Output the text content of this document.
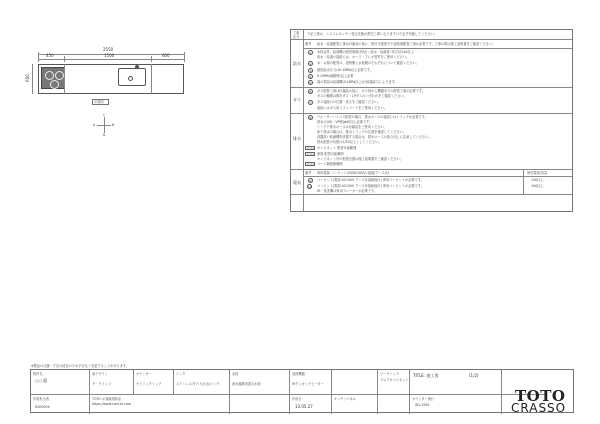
2550
450	1500	600
650
平面図
C
A	B
D
工事 区分
下記工事は、システムキッチン受注先様が責任工事となりますので必ず実施してください。
給水
備考 給水・給湯配管工事は付属品の他に、壁付き配管や下部給湯配管工事が必要です。工事の際は施工説明書をご確認ください。
1	水栓金具、給湯機の配管規格(内径) : 給水・給湯管: 呼び径13A以上
給水・給湯の接続には、ホース・フレキ管等をご使用ください。
2	水・お湯の配管は、建物側と水栓側のそれぞれについて確認ください。
3	最低給水圧力は0.1MPa以上必要です。
4	0.1MPa(流動時)以上必要
5	湯の供給は給湯機(0.1MPa以上)の給湯能力によります。
ガス
6	ガス配管工事は付属品の他に、ガス栓から機器までの配管工事が必要です。
ガスの種類は都市ガス・LPガスのいずれかをご確認ください。
7	ガス接続口の位置・高さをご確認ください。
接続にはガス用ソフトコードをご使用ください。
排水
8	ウォーターバイパス配管の場合、排水ホースの接続にはトラップが必要です。
排水口(VU・VP管)φ40以上必要です。
シンク下排水ホースは付属品をご使用ください。
床下排水の場合は、排水トラップの位置を確認してください。
食器洗い乾燥機を設置する場合は、排水ホースの取り回しに注意してください。
排水配管の勾配は1/50以上としてください。
キャビネット 配管可能範囲
壁面 配管可能範囲
キャビネット内の配管位置は施工説明書をご確認ください。
コード類配線範囲
電気
備考 専用電源 コンセント(200V/100V) 接地(アース)付	使用電源/容量
9	コンセント(電源 AC100V アース付接地極付) 専用コンセントが必要です。	15A以上
10 コンセント(電源 AC100V アース付接地極付) 専用コンセントが必要です。	15A以上
IH・食洗機は専用ブレーカーが必要です。
※製品の仕様・寸法は改良のため予告なく変更することがあります。
物件名
○○ 邸
扉デザイン
ザ・クラッソ
カウンター
セラミックトップ
シンク
ステンレス(すべり止め)シンク
水栓
浄水器兼用混合水栓
加熱機器
IHクッキングヒーター
ワークトップ
フロアキャビネット
TITLE: 施工図	(1/2)
作図担当者
DS00509
TOTO お客様相談室
https://www.com-et.com
作成日
13.05.27
キッチンパネル	カウンター奥行
W1-2550	TOTO
CRASSO
